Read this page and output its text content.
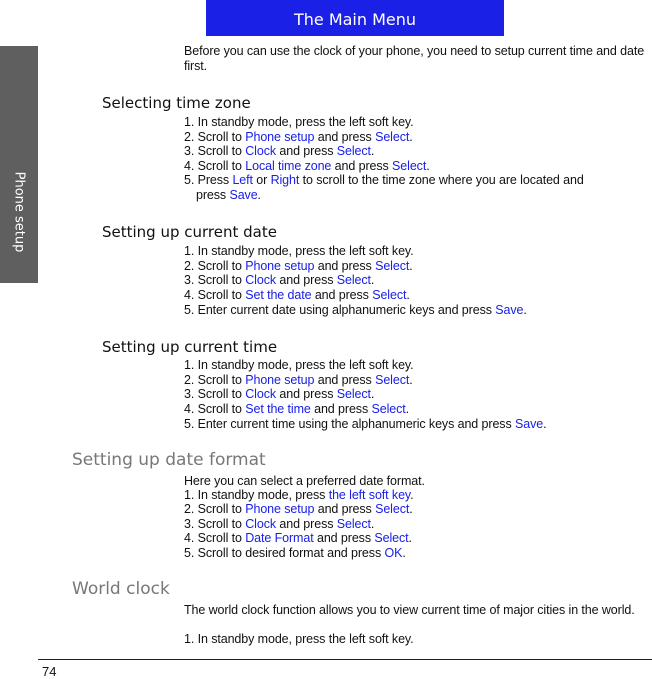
The Main Menu
Phone setup
Before you can use the clock of your phone, you need to setup current time and date first.
Selecting time zone
1. In standby mode, press the left soft key.
2. Scroll to Phone setup and press Select.
3. Scroll to Clock and press Select.
4. Scroll to Local time zone and press Select.
5. Press Left or Right to scroll to the time zone where you are located and
press Save.
Setting up current date
1. In standby mode, press the left soft key.
2. Scroll to Phone setup and press Select.
3. Scroll to Clock and press Select.
4. Scroll to Set the date and press Select.
5. Enter current date using alphanumeric keys and press Save.
Setting up current time
1. In standby mode, press the left soft key.
2. Scroll to Phone setup and press Select.
3. Scroll to Clock and press Select.
4. Scroll to Set the time and press Select.
5. Enter current time using the alphanumeric keys and press Save.
Setting up date format
Here you can select a preferred date format.
1. In standby mode, press the left soft key.
2. Scroll to Phone setup and press Select.
3. Scroll to Clock and press Select.
4. Scroll to Date Format and press Select.
5. Scroll to desired format and press OK.
World clock
The world clock function allows you to view current time of major cities in the world.
1. In standby mode, press the left soft key.
74
